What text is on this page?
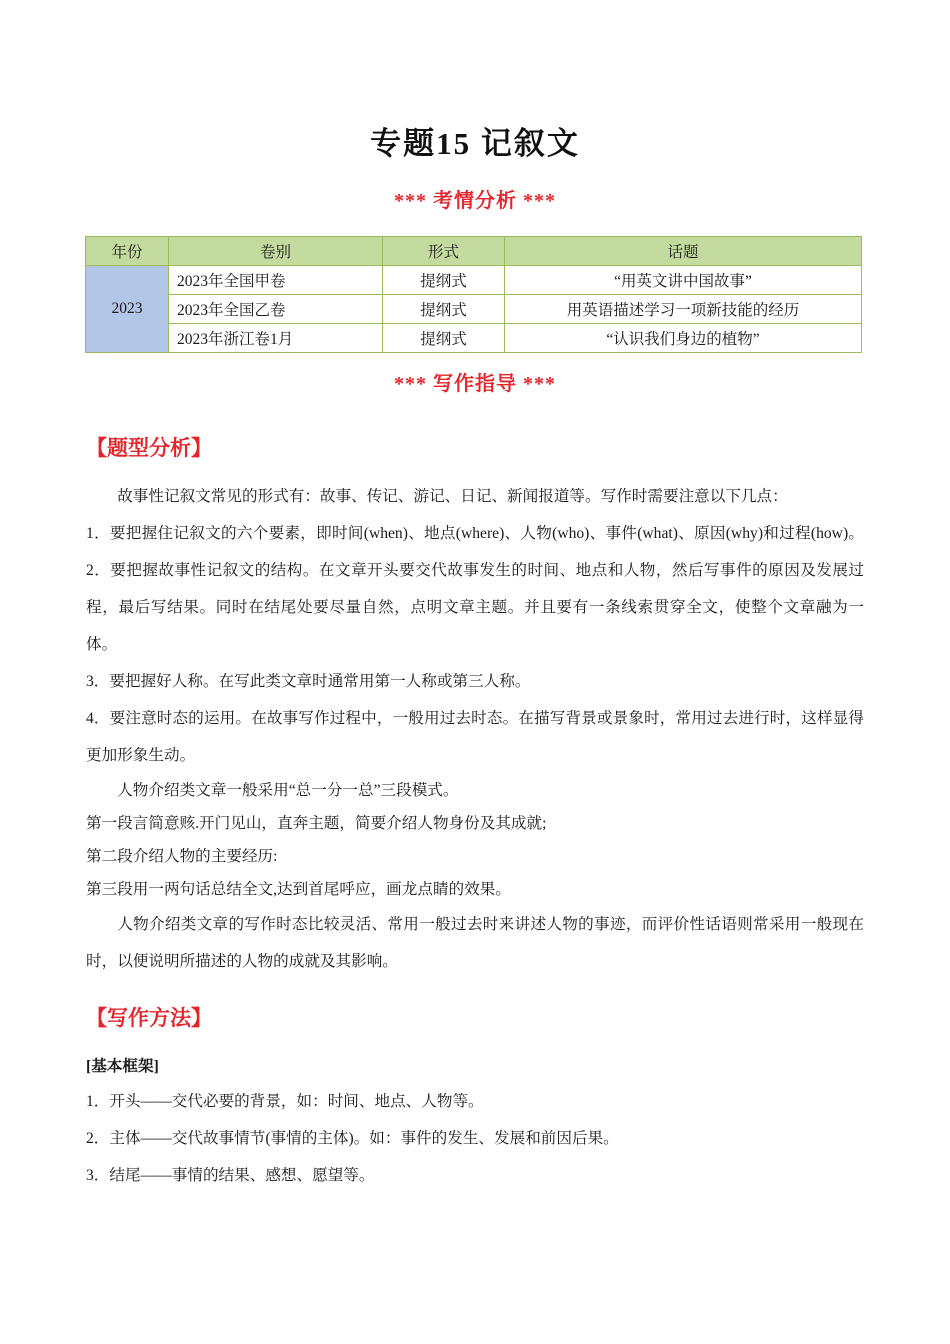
专题15 记叙文
*** 考情分析 ***
年份	卷别	形式	话题
2023	2023年全国甲卷	提纲式	“用英文讲中国故事”
	2023年全国乙卷	提纲式	用英语描述学习一项新技能的经历
	2023年浙江卷1月	提纲式	“认识我们身边的植物”
*** 写作指导 ***
【题型分析】

故事性记叙文常见的形式有：故事、传记、游记、日记、新闻报道等。写作时需要注意以下几点：

1．要把握住记叙文的六个要素，即时间(when)、地点(where)、人物(who)、事件(what)、原因(why)和过程(how)。2．要把握故事性记叙文的结构。在文章开头要交代故事发生的时间、地点和人物，然后写事件的原因及发展过程，最后写结果。同时在结尾处要尽量自然，点明文章主题。并且要有一条线索贯穿全文，使整个文章融为一体。

3．要把握好人称。在写此类文章时通常用第一人称或第三人称。

4．要注意时态的运用。在故事写作过程中，一般用过去时态。在描写背景或景象时，常用过去进行时，这样显得更加形象生动。

人物介绍类文章一般采用“总一分一总”三段模式。

第一段言简意赅.开门见山，直奔主题，简要介绍人物身份及其成就;

第二段介绍人物的主要经历:

第三段用一两句话总结全文,达到首尾呼应，画龙点睛的效果。

人物介绍类文章的写作时态比较灵活、常用一般过去时来讲述人物的事迹，而评价性话语则常采用一般现在时，以便说明所描述的人物的成就及其影响。

【写作方法】

[基本框架]

1．开头——交代必要的背景，如：时间、地点、人物等。

2．主体——交代故事情节(事情的主体)。如：事件的发生、发展和前因后果。

3．结尾——事情的结果、感想、愿望等。
